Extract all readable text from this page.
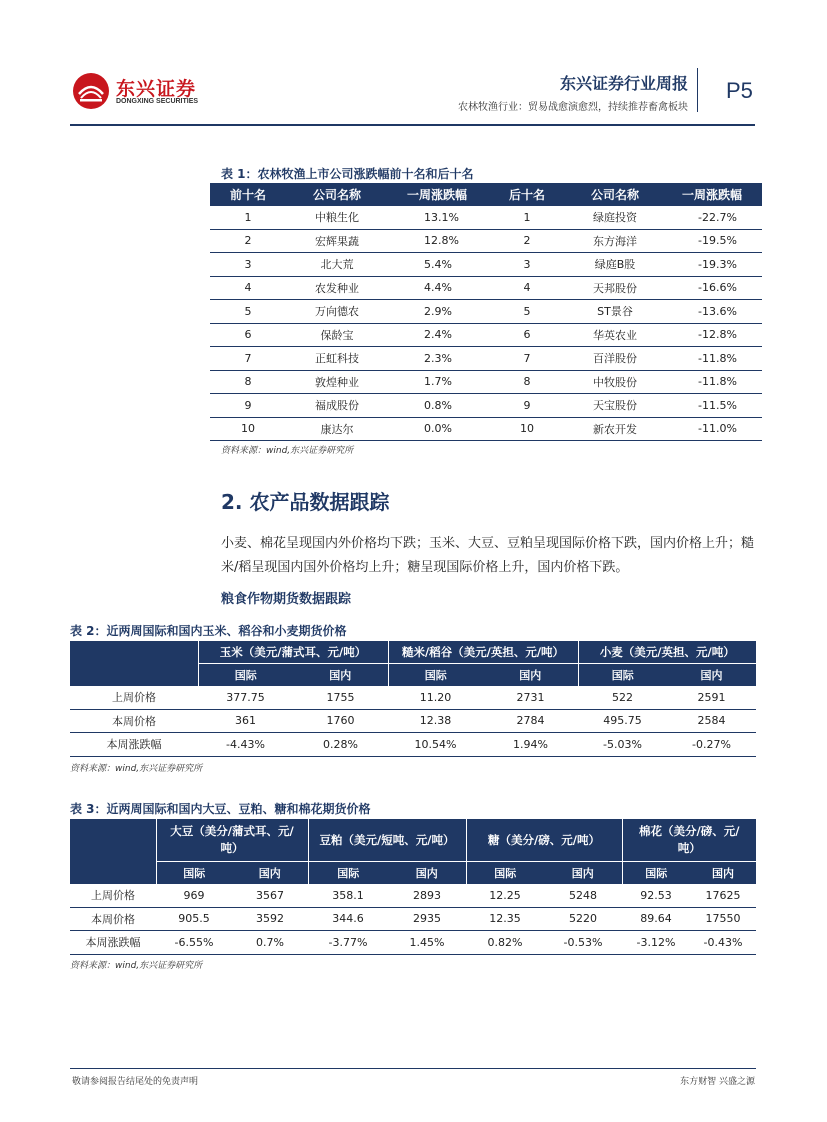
东兴证券
DONGXING SECURITIES
东兴证券行业周报
农林牧渔行业：贸易战愈演愈烈，持续推荐畜禽板块
P5
表 1：农林牧渔上市公司涨跌幅前十名和后十名
前十名	公司名称	一周涨跌幅	后十名	公司名称	一周涨跌幅
1	中粮生化	13.1%	1	绿庭投资	-22.7%
2	宏辉果蔬	12.8%	2	东方海洋	-19.5%
3	北大荒	5.4%	3	绿庭B股	-19.3%
4	农发种业	4.4%	4	天邦股份	-16.6%
5	万向德农	2.9%	5	ST景谷	-13.6%
6	保龄宝	2.4%	6	华英农业	-12.8%
7	正虹科技	2.3%	7	百洋股份	-11.8%
8	敦煌种业	1.7%	8	中牧股份	-11.8%
9	福成股份	0.8%	9	天宝股份	-11.5%
10	康达尔	0.0%	10	新农开发	-11.0%
资料来源：wind,东兴证券研究所
2. 农产品数据跟踪
小麦、棉花呈现国内外价格均下跌；玉米、大豆、豆粕呈现国际价格下跌，国内价格上升；糙米/稻呈现国内国外价格均上升；糖呈现国际价格上升，国内价格下跌。
粮食作物期货数据跟踪
表 2：近两周国际和国内玉米、稻谷和小麦期货价格
	玉米（美元/蒲式耳、元/吨）		糙米/稻谷（美元/英担、元/吨）		小麦（美元/英担、元/吨）	
	国际	国内	国际	国内	国际	国内
上周价格	377.75	1755	11.20	2731	522	2591
本周价格	361	1760	12.38	2784	495.75	2584
本周涨跌幅	-4.43%	0.28%	10.54%	1.94%	-5.03%	-0.27%
资料来源：wind,东兴证券研究所
表 3：近两周国际和国内大豆、豆粕、糖和棉花期货价格
	大豆（美分/蒲式耳、元/吨）		豆粕（美元/短吨、元/吨）		糖（美分/磅、元/吨）		棉花（美分/磅、元/吨）	
	国际	国内	国际	国内	国际	国内	国际	国内
上周价格	969	3567	358.1	2893	12.25	5248	92.53	17625
本周价格	905.5	3592	344.6	2935	12.35	5220	89.64	17550
本周涨跌幅	-6.55%	0.7%	-3.77%	1.45%	0.82%	-0.53%	-3.12%	-0.43%
资料来源：wind,东兴证券研究所
敬请参阅报告结尾处的免责声明	东方财智 兴盛之源
